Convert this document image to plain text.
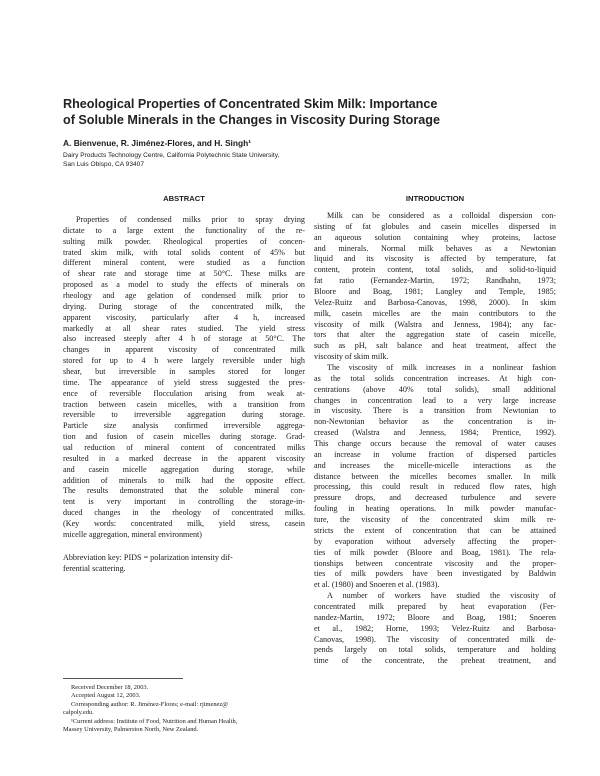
Rheological Properties of Concentrated Skim Milk: Importance
of Soluble Minerals in the Changes in Viscosity During Storage
A. Bienvenue, R. Jiménez-Flores, and H. Singh¹
Dairy Products Technology Centre, California Polytechnic State University,
San Luis Obispo, CA 93407
ABSTRACT	INTRODUCTION
Properties of condensed milks prior to spray drying
dictate to a large extent the functionality of the re-
sulting milk powder. Rheological properties of concen-
trated skim milk, with total solids content of 45% but
different mineral content, were studied as a function
of shear rate and storage time at 50°C. These milks are
proposed as a model to study the effects of minerals on
rheology and age gelation of condensed milk prior to
drying. During storage of the concentrated milk, the
apparent viscosity, particularly after 4 h, increased
markedly at all shear rates studied. The yield stress
also increased steeply after 4 h of storage at 50°C. The
changes in apparent viscosity of concentrated milk
stored for up to 4 h were largely reversible under high
shear, but irreversible in samples stored for longer
time. The appearance of yield stress suggested the pres-
ence of reversible flocculation arising from weak at-
traction between casein micelles, with a transition from
reversible to irreversible aggregation during storage.
Particle size analysis confirmed irreversible aggrega-
tion and fusion of casein micelles during storage. Grad-
ual reduction of mineral content of concentrated milks
resulted in a marked decrease in the apparent viscosity
and casein micelle aggregation during storage, while
addition of minerals to milk had the opposite effect.
The results demonstrated that the soluble mineral con-
tent is very important in controlling the storage-in-
duced changes in the rheology of concentrated milks.
(Key words: concentrated milk, yield stress, casein
micelle aggregation, mineral environment)
Abbreviation key: PIDS = polarization intensity dif-
ferential scattering.
Milk can be considered as a colloidal dispersion con-
sisting of fat globules and casein micelles dispersed in
an aqueous solution containing whey proteins, lactose
and minerals. Normal milk behaves as a Newtonian
liquid and its viscosity is affected by temperature, fat
content, protein content, total solids, and solid-to-liquid
fat ratio (Fernandez-Martin, 1972; Randhahn, 1973;
Bloore and Boag, 1981; Langley and Temple, 1985;
Velez-Ruitz and Barbosa-Canovas, 1998, 2000). In skim
milk, casein micelles are the main contributors to the
viscosity of milk (Walstra and Jenness, 1984); any fac-
tors that alter the aggregation state of casein micelle,
such as pH, salt balance and heat treatment, affect the
viscosity of skim milk.
The viscosity of milk increases in a nonlinear fashion
as the total solids concentration increases. At high con-
centrations (above 40% total solids), small additional
changes in concentration lead to a very large increase
in viscosity. There is a transition from Newtonian to
non-Newtonian behavior as the concentration is in-
creased (Walstra and Jenness, 1984; Prentice, 1992).
This change occurs because the removal of water causes
an increase in volume fraction of dispersed particles
and increases the micelle-micelle interactions as the
distance between the micelles becomes smaller. In milk
processing, this could result in reduced flow rates, high
pressure drops, and decreased turbulence and severe
fouling in heating operations. In milk powder manufac-
ture, the viscosity of the concentrated skim milk re-
stricts the extent of concentration that can be attained
by evaporation without adversely affecting the proper-
ties of milk powder (Bloore and Boag, 1981). The rela-
tionships between concentrate viscosity and the proper-
ties of milk powders have been investigated by Baldwin
et al. (1980) and Snoeren et al. (1983).
A number of workers have studied the viscosity of
concentrated milk prepared by heat evaporation (Fer-
nandez-Martin, 1972; Bloore and Boag, 1981; Snoeren
et al., 1982; Horne, 1993; Velez-Ruitz and Barbosa-
Canovas, 1998). The viscosity of concentrated milk de-
pends largely on total solids, temperature and holding
time of the concentrate, the preheat treatment, and
Received December 18, 2003.
Accepted August 12, 2003.
Corresponding author: R. Jiménez-Flores; e-mail: rjimenez@
calpoly.edu.
¹Current address: Institute of Food, Nutrition and Human Health,
Massey University, Palmerston North, New Zealand.
